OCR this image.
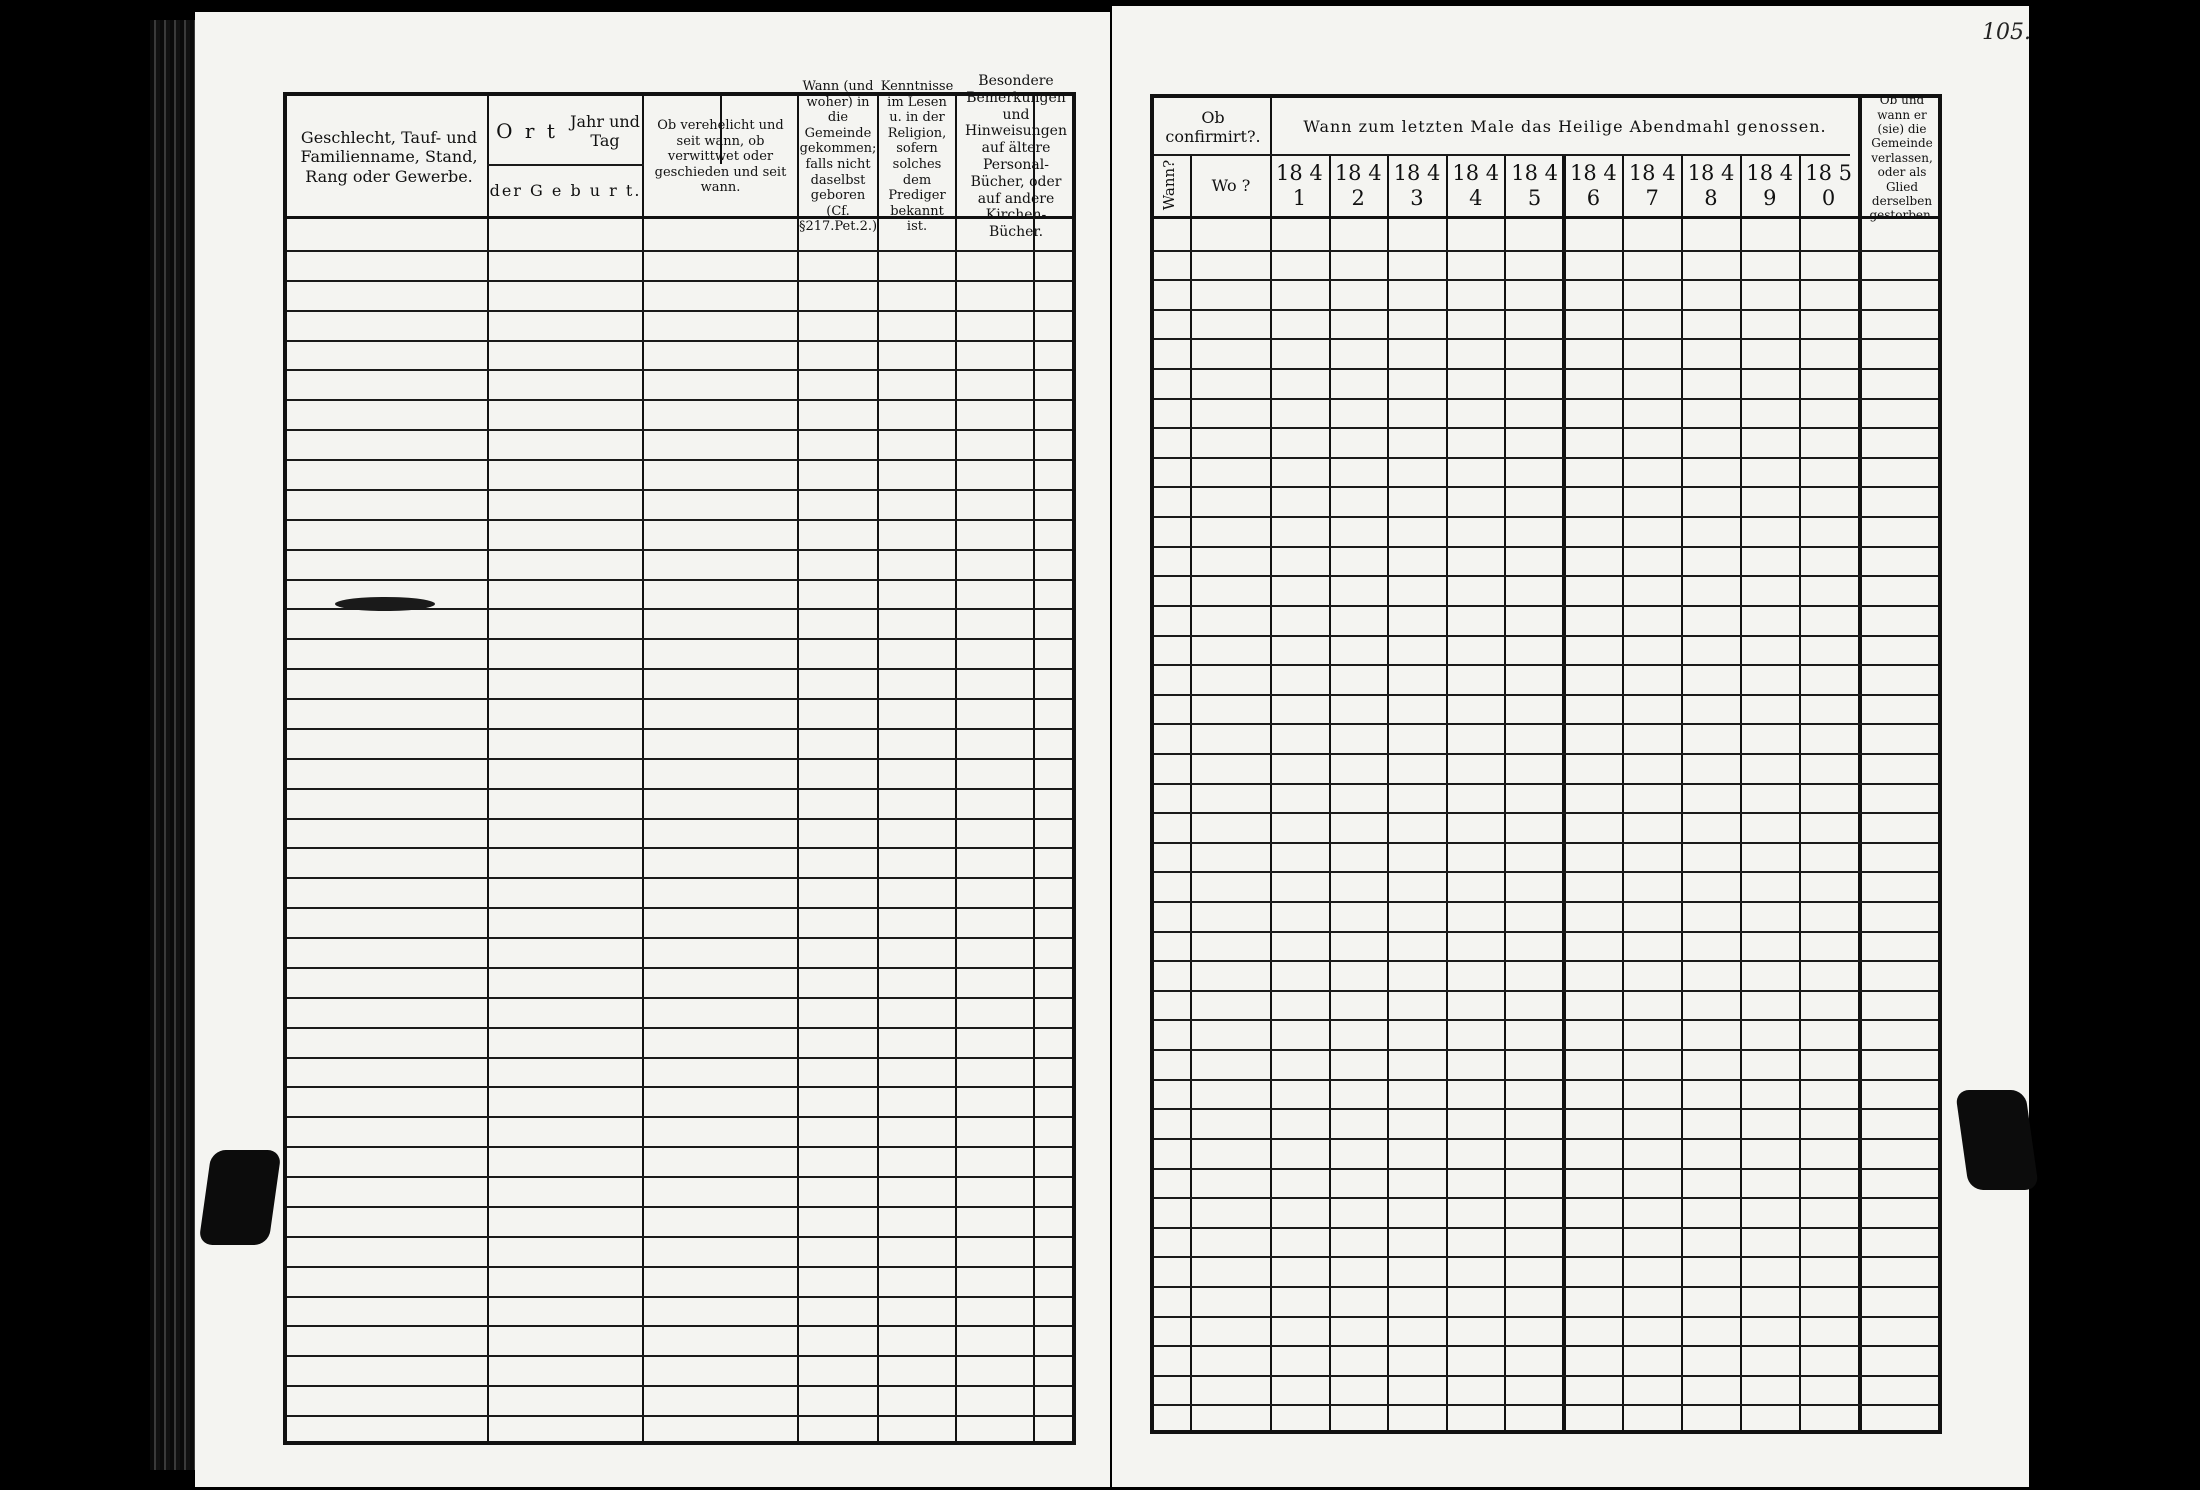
Geschlecht, Tauf- und Familienname, Stand, Rang oder Gewerbe.
O r t Jahr und Tag
der G e b u r t.
Ob verehelicht und seit wann, ob verwittwet oder geschieden und seit wann.
Wann (und woher) in die Gemeinde gekommen; falls nicht daselbst geboren (Cf. §217.Pet.2.)
Kenntnisse im Lesen u. in der Religion, sofern solches dem Prediger bekannt ist.
Besondere Bemerkungen und Hinweisungen auf ältere Personal-Bücher, oder auf andere Kirchen-Bücher.
105.
Ob confirmirt?.
Wann? Wo ?
Wann zum letzten Male das Heilige Abendmahl genossen.
Ob und wann er (sie) die Gemeinde verlassen, oder als Glied derselben gestorben.
18 4 1
18 4 2
18 4 3
18 4 4
18 4 5
18 4 6
18 4 7
18 4 8
18 4 9
18 5 0
